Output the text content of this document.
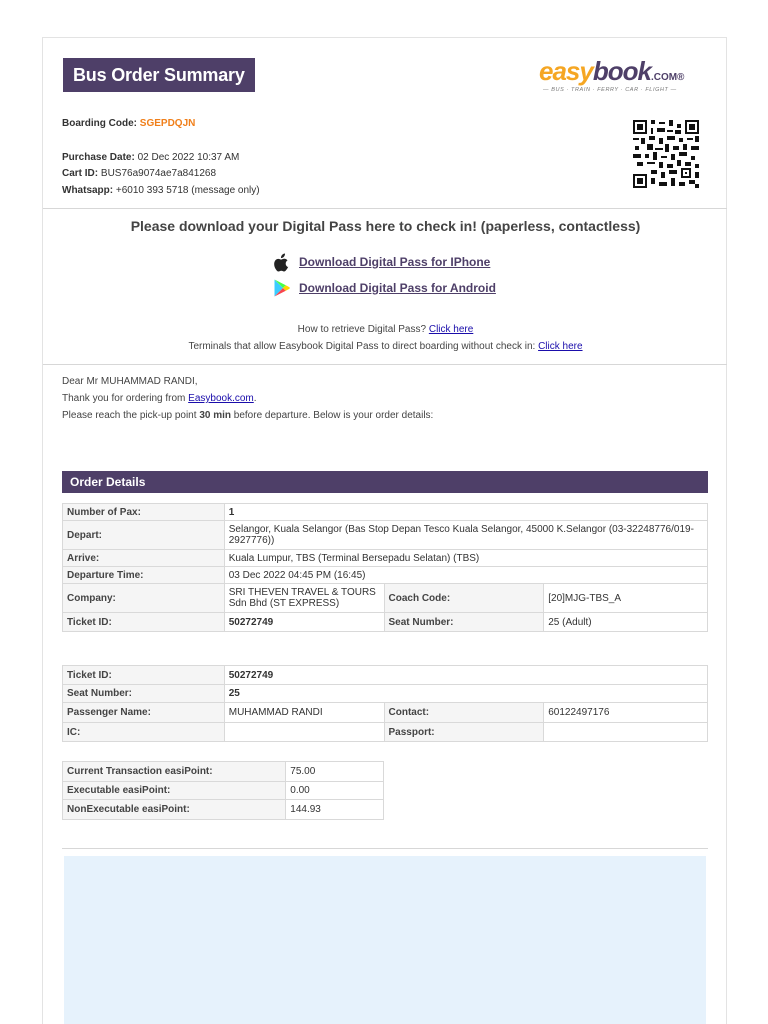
Bus Order Summary	easybook.COM®
— BUS · TRAIN · FERRY · CAR · FLIGHT —
Boarding Code: SGEPDQJN
Purchase Date: 02 Dec 2022 10:37 AM
Cart ID: BUS76a9074ae7a841268
Whatsapp: +6010 393 5718 (message only)
Please download your Digital Pass here to check in! (paperless, contactless)
Download Digital Pass for IPhone
Download Digital Pass for Android
How to retrieve Digital Pass? Click here
Terminals that allow Easybook Digital Pass to direct boarding without check in: Click here
Dear Mr MUHAMMAD RANDI,
Thank you for ordering from Easybook.com.
Please reach the pick-up point 30 min before departure. Below is your order details:
Order Details
Number of Pax:	1		
Depart:	Selangor, Kuala Selangor (Bas Stop Depan Tesco Kuala Selangor, 45000 K.Selangor (03-32248776/019-2927776))		
Arrive:	Kuala Lumpur, TBS (Terminal Bersepadu Selatan) (TBS)		
Departure Time:	03 Dec 2022 04:45 PM (16:45)		
Company:	SRI THEVEN TRAVEL & TOURS Sdn Bhd (ST EXPRESS)	Coach Code:	[20]MJG-TBS_A
Ticket ID:	50272749	Seat Number:	25 (Adult)
Ticket ID:	50272749		
Seat Number:	25		
Passenger Name:	MUHAMMAD RANDI	Contact:	60122497176
IC:		Passport:	
Current Transaction easiPoint:	75.00
Executable easiPoint:	0.00
NonExecutable easiPoint:	144.93
